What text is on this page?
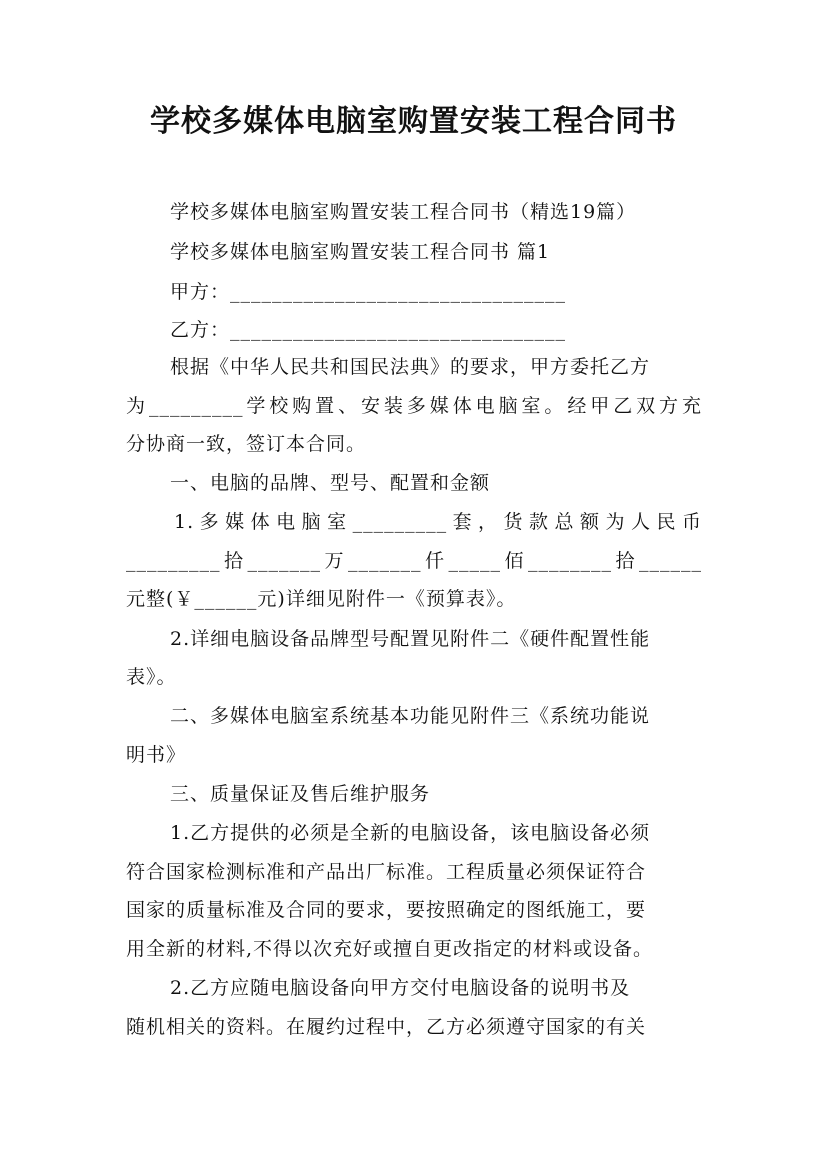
学校多媒体电脑室购置安装工程合同书
学校多媒体电脑室购置安装工程合同书（精选19篇）
学校多媒体电脑室购置安装工程合同书 篇1
甲方：________________________________
乙方：________________________________
根据《中华人民共和国民法典》的要求，甲方委托乙方
为_________学校购置、安装多媒体电脑室。经甲乙双方充
分协商一致，签订本合同。
一、电脑的品牌、型号、配置和金额
1.多媒体电脑室_________套，货款总额为人民币
_________拾_______万_______仟_____佰________拾______
元整(￥______元)详细见附件一《预算表》。
2.详细电脑设备品牌型号配置见附件二《硬件配置性能
表》。
二、多媒体电脑室系统基本功能见附件三《系统功能说
明书》
三、质量保证及售后维护服务
1.乙方提供的必须是全新的电脑设备，该电脑设备必须
符合国家检测标准和产品出厂标准。工程质量必须保证符合
国家的质量标准及合同的要求，要按照确定的图纸施工，要
用全新的材料,不得以次充好或擅自更改指定的材料或设备。
2.乙方应随电脑设备向甲方交付电脑设备的说明书及
随机相关的资料。在履约过程中，乙方必须遵守国家的有关
